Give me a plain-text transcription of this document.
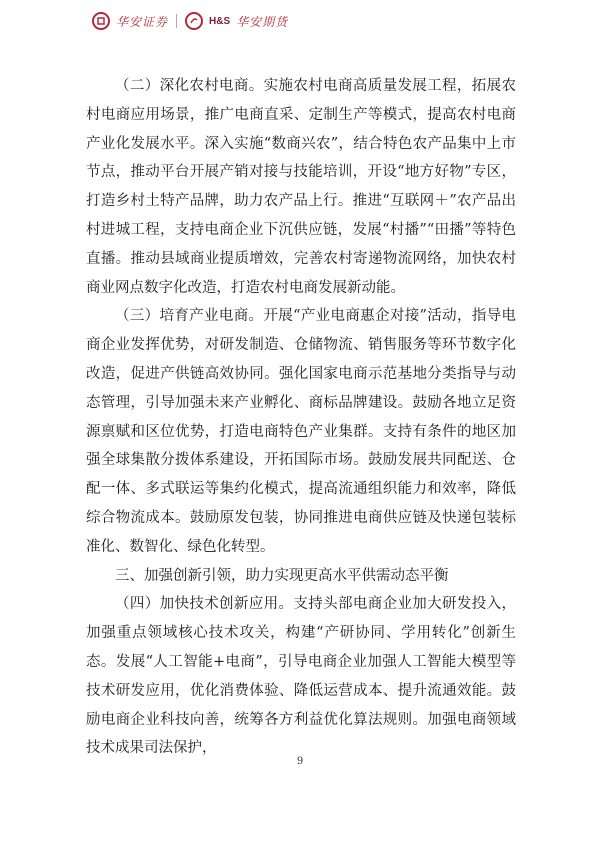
华安证券	H&S 华安期货

（二）深化农村电商。实施农村电商高质量发展工程，拓展农村电商应用场景，推广电商直采、定制生产等模式，提高农村电商产业化发展水平。深入实施“数商兴农”，结合特色农产品集中上市节点，推动平台开展产销对接与技能培训，开设“地方好物”专区，打造乡村土特产品牌，助力农产品上行。推进“互联网＋”农产品出村进城工程，支持电商企业下沉供应链，发展“村播”“田播”等特色直播。推动县域商业提质增效，完善农村寄递物流网络，加快农村商业网点数字化改造，打造农村电商发展新动能。

（三）培育产业电商。开展“产业电商惠企对接”活动，指导电商企业发挥优势，对研发制造、仓储物流、销售服务等环节数字化改造，促进产供链高效协同。强化国家电商示范基地分类指导与动态管理，引导加强未来产业孵化、商标品牌建设。鼓励各地立足资源禀赋和区位优势，打造电商特色产业集群。支持有条件的地区加强全球集散分拨体系建设，开拓国际市场。鼓励发展共同配送、仓配一体、多式联运等集约化模式，提高流通组织能力和效率，降低综合物流成本。鼓励原发包装，协同推进电商供应链及快递包装标准化、数智化、绿色化转型。

三、加强创新引领，助力实现更高水平供需动态平衡

（四）加快技术创新应用。支持头部电商企业加大研发投入，加强重点领域核心技术攻关，构建“产研协同、学用转化”创新生态。发展“人工智能+电商”，引导电商企业加强人工智能大模型等技术研发应用，优化消费体验、降低运营成本、提升流通效能。鼓励电商企业科技向善，统筹各方利益优化算法规则。加强电商领域技术成果司法保护，

9
